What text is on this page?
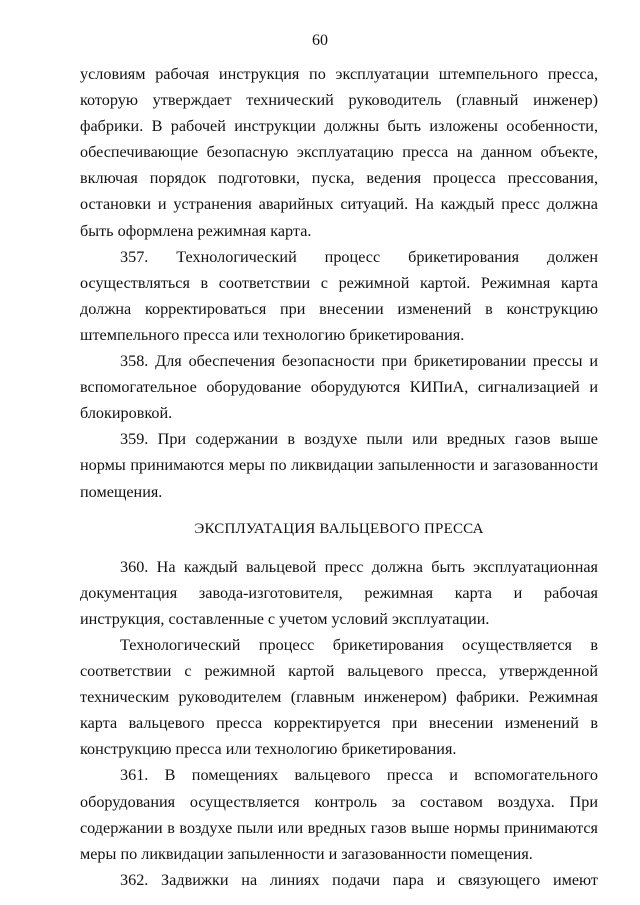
60

условиям рабочая инструкция по эксплуатации штемпельного пресса, которую утверждает технический руководитель (главный инженер) фабрики. В рабочей инструкции должны быть изложены особенности, обеспечивающие безопасную эксплуатацию пресса на данном объекте, включая порядок подготовки, пуска, ведения процесса прессования, остановки и устранения аварийных ситуаций. На каждый пресс должна быть оформлена режимная карта.

357. Технологический процесс брикетирования должен осуществляться в соответствии с режимной картой. Режимная карта должна корректироваться при внесении изменений в конструкцию штемпельного пресса или технологию брикетирования.

358. Для обеспечения безопасности при брикетировании прессы и вспомогательное оборудование оборудуются КИПиА, сигнализацией и блокировкой.

359. При содержании в воздухе пыли или вредных газов выше нормы принимаются меры по ликвидации запыленности и загазованности помещения.

ЭКСПЛУАТАЦИЯ ВАЛЬЦЕВОГО ПРЕССА

360. На каждый вальцевой пресс должна быть эксплуатационная документация завода-изготовителя, режимная карта и рабочая инструкция, составленные с учетом условий эксплуатации.

Технологический процесс брикетирования осуществляется в соответствии с режимной картой вальцевого пресса, утвержденной техническим руководителем (главным инженером) фабрики. Режимная карта вальцевого пресса корректируется при внесении изменений в конструкцию пресса или технологию брикетирования.

361. В помещениях вальцевого пресса и вспомогательного оборудования осуществляется контроль за составом воздуха. При содержании в воздухе пыли или вредных газов выше нормы принимаются меры по ликвидации запыленности и загазованности помещения.

362. Задвижки на линиях подачи пара и связующего имеют
